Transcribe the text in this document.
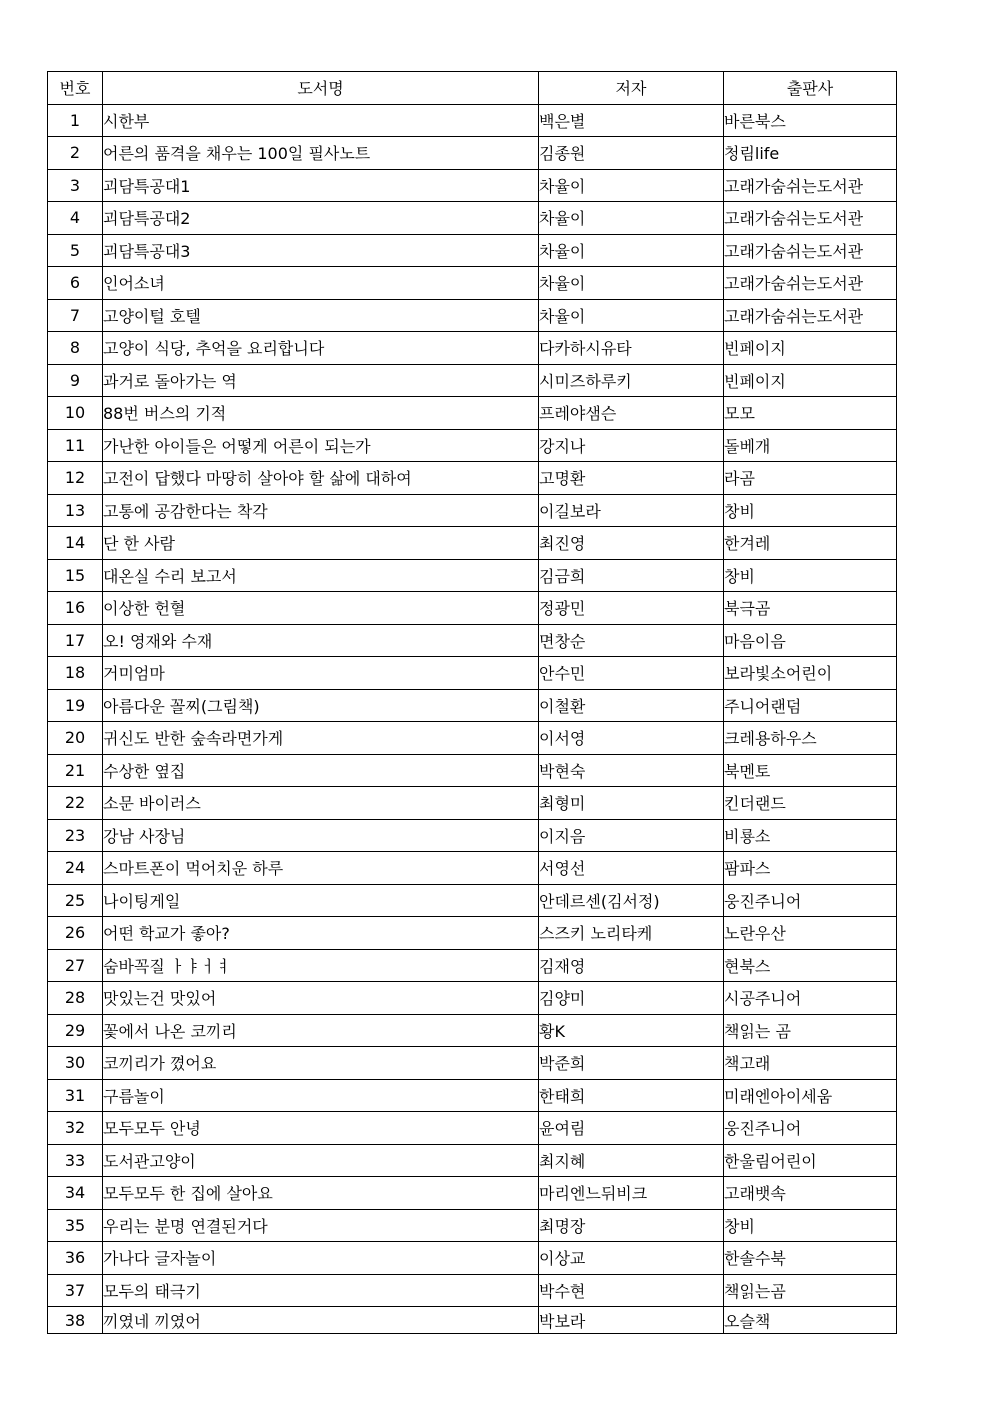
번호	도서명	저자	출판사
1	시한부	백은별	바른북스
2	어른의 품격을 채우는 100일 필사노트	김종원	청림life
3	괴담특공대1	차율이	고래가숨쉬는도서관
4	괴담특공대2	차율이	고래가숨쉬는도서관
5	괴담특공대3	차율이	고래가숨쉬는도서관
6	인어소녀	차율이	고래가숨쉬는도서관
7	고양이털 호텔	차율이	고래가숨쉬는도서관
8	고양이 식당, 추억을 요리합니다	다카하시유타	빈페이지
9	과거로 돌아가는 역	시미즈하루키	빈페이지
10	88번 버스의 기적	프레야샘슨	모모
11	가난한 아이들은 어떻게 어른이 되는가	강지나	돌베개
12	고전이 답했다 마땅히 살아야 할 삶에 대하여	고명환	라곰
13	고통에 공감한다는 착각	이길보라	창비
14	단 한 사람	최진영	한겨레
15	대온실 수리 보고서	김금희	창비
16	이상한 헌혈	정광민	북극곰
17	오! 영재와 수재	면창순	마음이음
18	거미엄마	안수민	보라빛소어린이
19	아름다운 꼴찌(그림책)	이철환	주니어랜덤
20	귀신도 반한 숲속라면가게	이서영	크레용하우스
21	수상한 옆집	박현숙	북멘토
22	소문 바이러스	최형미	킨더랜드
23	강남 사장님	이지음	비룡소
24	스마트폰이 먹어치운 하루	서영선	팜파스
25	나이팅게일	안데르센(김서정)	웅진주니어
26	어떤 학교가 좋아?	스즈키 노리타케	노란우산
27	숨바꼭질 ㅏㅑㅓㅕ	김재영	현북스
28	맛있는건 맛있어	김양미	시공주니어
29	꽃에서 나온 코끼리	황K	책읽는 곰
30	코끼리가 꼈어요	박준희	책고래
31	구름놀이	한태희	미래엔아이세움
32	모두모두 안녕	윤여림	웅진주니어
33	도서관고양이	최지혜	한울림어린이
34	모두모두 한 집에 살아요	마리엔느뒤비크	고래뱃속
35	우리는 분명 연결된거다	최명장	창비
36	가나다 글자놀이	이상교	한솔수북
37	모두의 태극기	박수현	책읽는곰
38	끼였네 끼였어	박보라	오슬책
